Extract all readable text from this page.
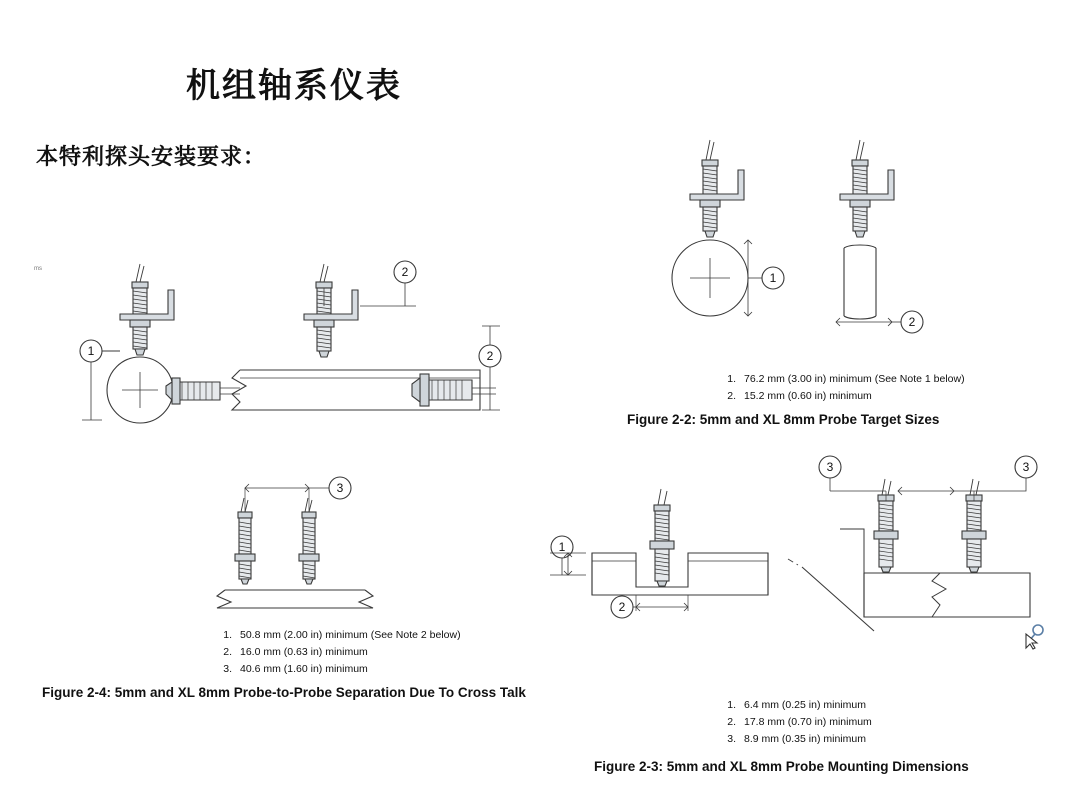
机组轴系仪表
本特利探头安装要求：
ms
1
2
2
1
2
1. 76.2 mm (3.00 in) minimum (See Note 1 below)
2. 15.2 mm (0.60 in) minimum
Figure 2-2: 5mm and XL 8mm Probe Target Sizes
3
1. 50.8 mm (2.00 in) minimum (See Note 2 below)
2. 16.0 mm (0.63 in) minimum
3. 40.6 mm (1.60 in) minimum
Figure 2-4: 5mm and XL 8mm Probe-to-Probe Separation Due To Cross Talk
1
2
3	3
1. 6.4 mm (0.25 in) minimum
2. 17.8 mm (0.70 in) minimum
3. 8.9 mm (0.35 in) minimum
Figure 2-3: 5mm and XL 8mm Probe Mounting Dimensions
